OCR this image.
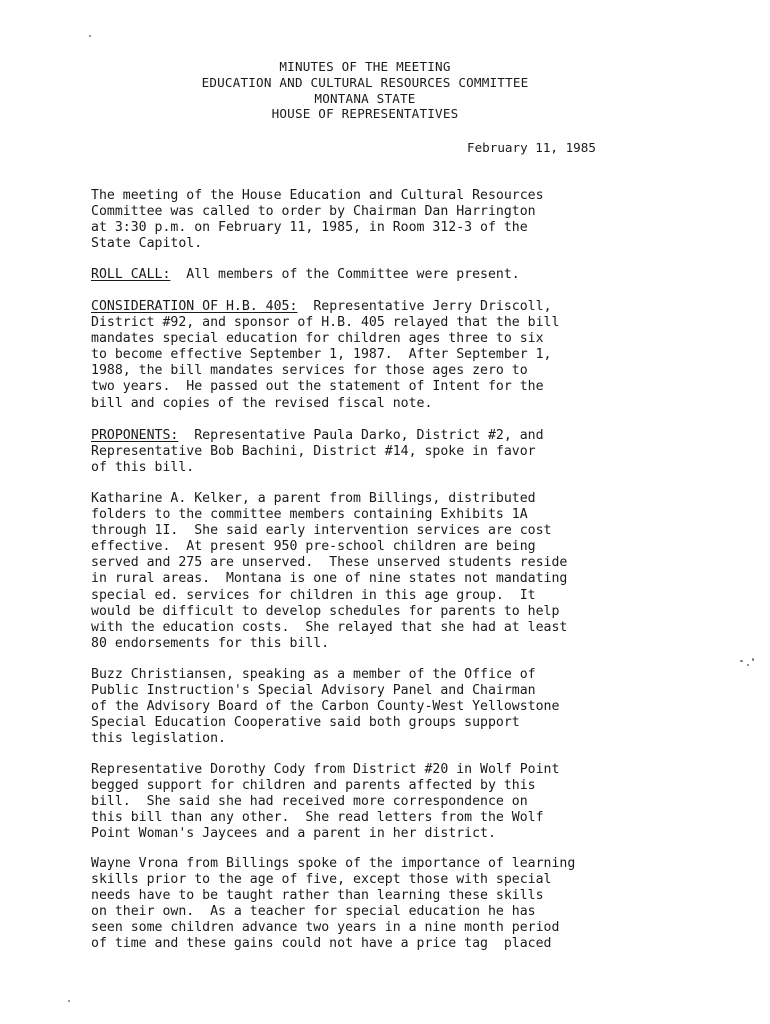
MINUTES OF THE MEETING
EDUCATION AND CULTURAL RESOURCES COMMITTEE
MONTANA STATE
HOUSE OF REPRESENTATIVES
February 11, 1985
The meeting of the House Education and Cultural Resources
Committee was called to order by Chairman Dan Harrington
at 3:30 p.m. on February 11, 1985, in Room 312-3 of the
State Capitol.
ROLL CALL:  All members of the Committee were present.
CONSIDERATION OF H.B. 405:  Representative Jerry Driscoll,
District #92, and sponsor of H.B. 405 relayed that the bill
mandates special education for children ages three to six
to become effective September 1, 1987.  After September 1,
1988, the bill mandates services for those ages zero to
two years.  He passed out the statement of Intent for the
bill and copies of the revised fiscal note.
PROPONENTS:  Representative Paula Darko, District #2, and
Representative Bob Bachini, District #14, spoke in favor
of this bill.
Katharine A. Kelker, a parent from Billings, distributed
folders to the committee members containing Exhibits 1A
through 1I.  She said early intervention services are cost
effective.  At present 950 pre-school children are being
served and 275 are unserved.  These unserved students reside
in rural areas.  Montana is one of nine states not mandating
special ed. services for children in this age group.  It
would be difficult to develop schedules for parents to help
with the education costs.  She relayed that she had at least
80 endorsements for this bill.
Buzz Christiansen, speaking as a member of the Office of
Public Instruction's Special Advisory Panel and Chairman
of the Advisory Board of the Carbon County-West Yellowstone
Special Education Cooperative said both groups support
this legislation.
Representative Dorothy Cody from District #20 in Wolf Point
begged support for children and parents affected by this
bill.  She said she had received more correspondence on
this bill than any other.  She read letters from the Wolf
Point Woman's Jaycees and a parent in her district.
Wayne Vrona from Billings spoke of the importance of learning
skills prior to the age of five, except those with special
needs have to be taught rather than learning these skills
on their own.  As a teacher for special education he has
seen some children advance two years in a nine month period
of time and these gains could not have a price tag  placed
